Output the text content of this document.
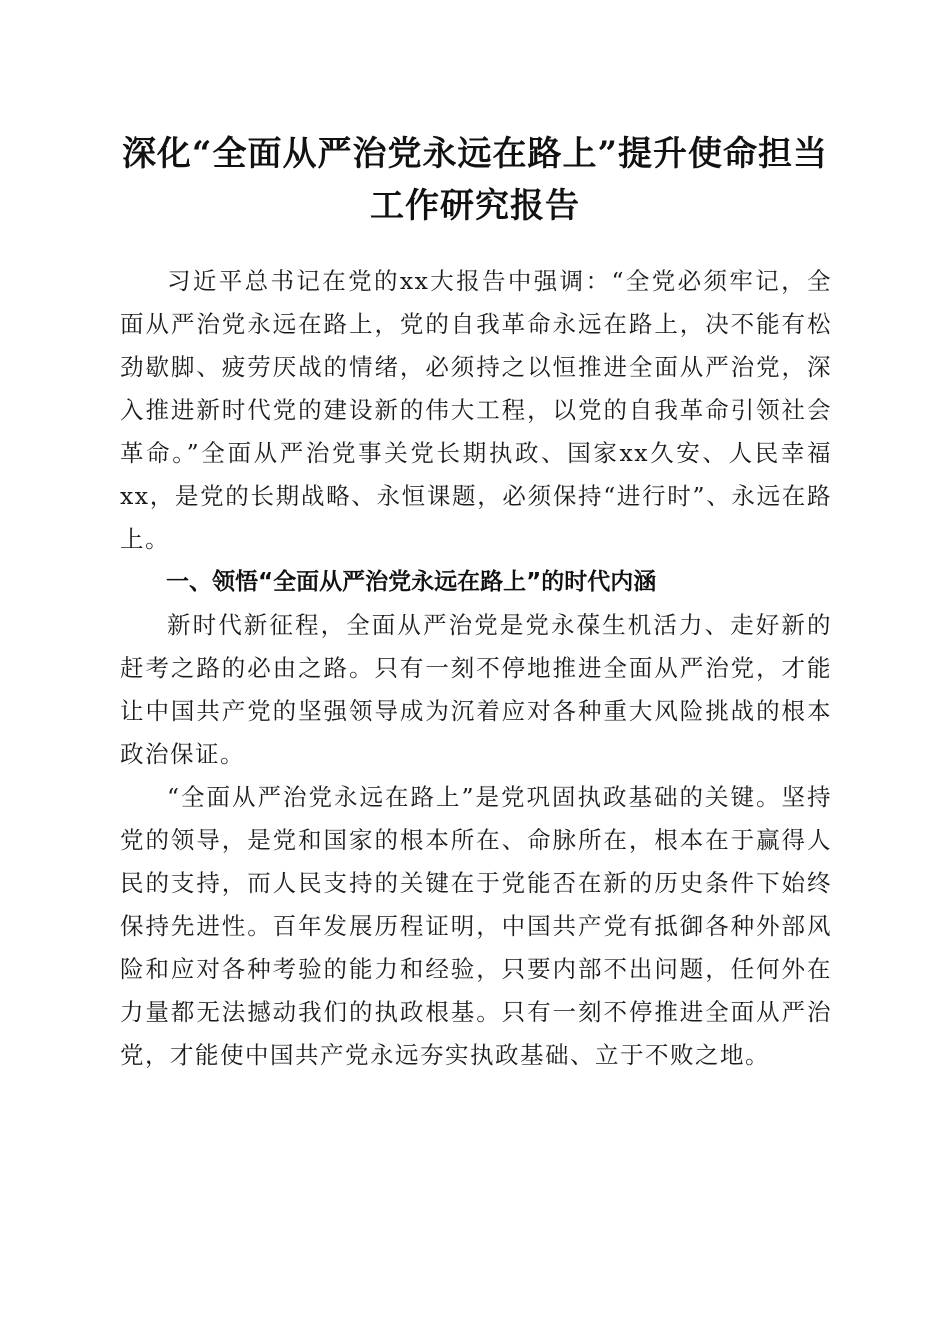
深化“全面从严治党永远在路上”提升使命担当工作研究报告

习近平总书记在党的xx大报告中强调：“全党必须牢记，全面从严治党永远在路上，党的自我革命永远在路上，决不能有松劲歇脚、疲劳厌战的情绪，必须持之以恒推进全面从严治党，深入推进新时代党的建设新的伟大工程，以党的自我革命引领社会革命。”全面从严治党事关党长期执政、国家xx久安、人民幸福xx，是党的长期战略、永恒课题，必须保持“进行时”、永远在路上。

一、领悟“全面从严治党永远在路上”的时代内涵

新时代新征程，全面从严治党是党永葆生机活力、走好新的赶考之路的必由之路。只有一刻不停地推进全面从严治党，才能让中国共产党的坚强领导成为沉着应对各种重大风险挑战的根本政治保证。

“全面从严治党永远在路上”是党巩固执政基础的关键。坚持党的领导，是党和国家的根本所在、命脉所在，根本在于赢得人民的支持，而人民支持的关键在于党能否在新的历史条件下始终保持先进性。百年发展历程证明，中国共产党有抵御各种外部风险和应对各种考验的能力和经验，只要内部不出问题，任何外在力量都无法撼动我们的执政根基。只有一刻不停推进全面从严治党，才能使中国共产党永远夯实执政基础、立于不败之地。
